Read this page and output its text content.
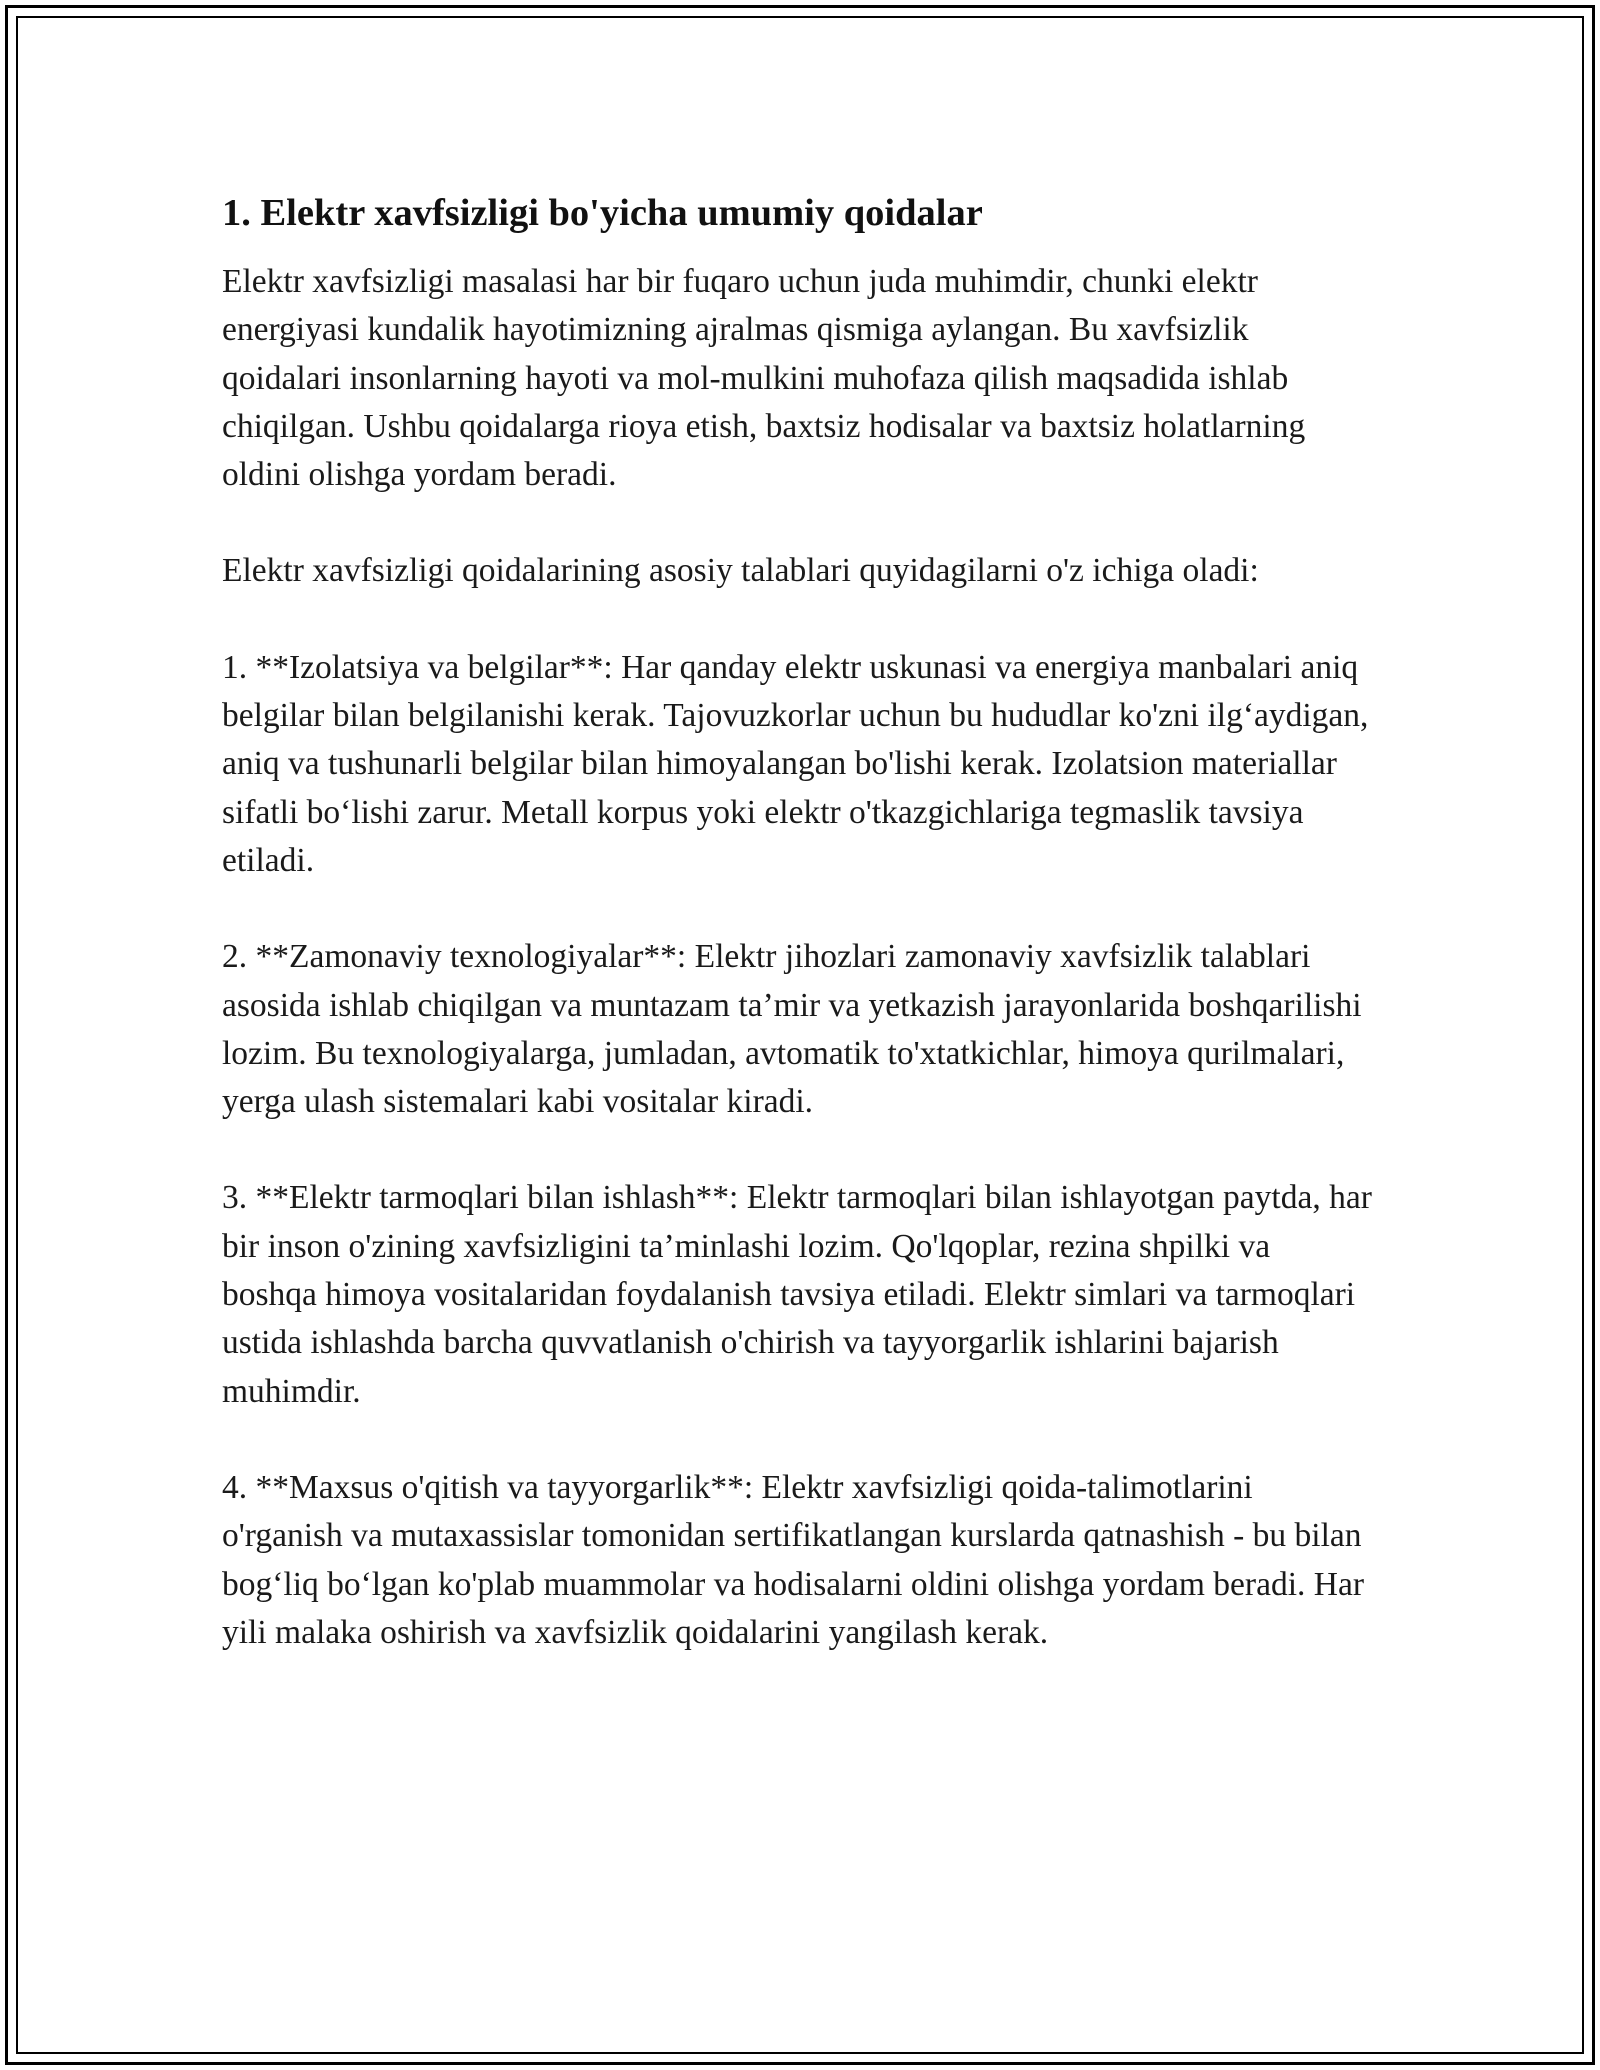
1. Elektr xavfsizligi bo'yicha umumiy qoidalar

Elektr xavfsizligi masalasi har bir fuqaro uchun juda muhimdir, chunki elektr energiyasi kundalik hayotimizning ajralmas qismiga aylangan. Bu xavfsizlik qoidalari insonlarning hayoti va mol-mulkini muhofaza qilish maqsadida ishlab chiqilgan. Ushbu qoidalarga rioya etish, baxtsiz hodisalar va baxtsiz holatlarning oldini olishga yordam beradi.

Elektr xavfsizligi qoidalarining asosiy talablari quyidagilarni o'z ichiga oladi:

1. **Izolatsiya va belgilar**: Har qanday elektr uskunasi va energiya manbalari aniq belgilar bilan belgilanishi kerak. Tajovuzkorlar uchun bu hududlar ko'zni ilg‘aydigan, aniq va tushunarli belgilar bilan himoyalangan bo'lishi kerak. Izolatsion materiallar sifatli bo‘lishi zarur. Metall korpus yoki elektr o'tkazgichlariga tegmaslik tavsiya etiladi.

2. **Zamonaviy texnologiyalar**: Elektr jihozlari zamonaviy xavfsizlik talablari asosida ishlab chiqilgan va muntazam ta’mir va yetkazish jarayonlarida boshqarilishi lozim. Bu texnologiyalarga, jumladan, avtomatik to'xtatkichlar, himoya qurilmalari, yerga ulash sistemalari kabi vositalar kiradi.

3. **Elektr tarmoqlari bilan ishlash**: Elektr tarmoqlari bilan ishlayotgan paytda, har bir inson o'zining xavfsizligini ta’minlashi lozim. Qo'lqoplar, rezina shpilki va boshqa himoya vositalaridan foydalanish tavsiya etiladi. Elektr simlari va tarmoqlari ustida ishlashda barcha quvvatlanish o'chirish va tayyorgarlik ishlarini bajarish muhimdir.

4. **Maxsus o'qitish va tayyorgarlik**: Elektr xavfsizligi qoida-talimotlarini o'rganish va mutaxassislar tomonidan sertifikatlangan kurslarda qatnashish - bu bilan bog‘liq bo‘lgan ko'plab muammolar va hodisalarni oldini olishga yordam beradi. Har yili malaka oshirish va xavfsizlik qoidalarini yangilash kerak.
